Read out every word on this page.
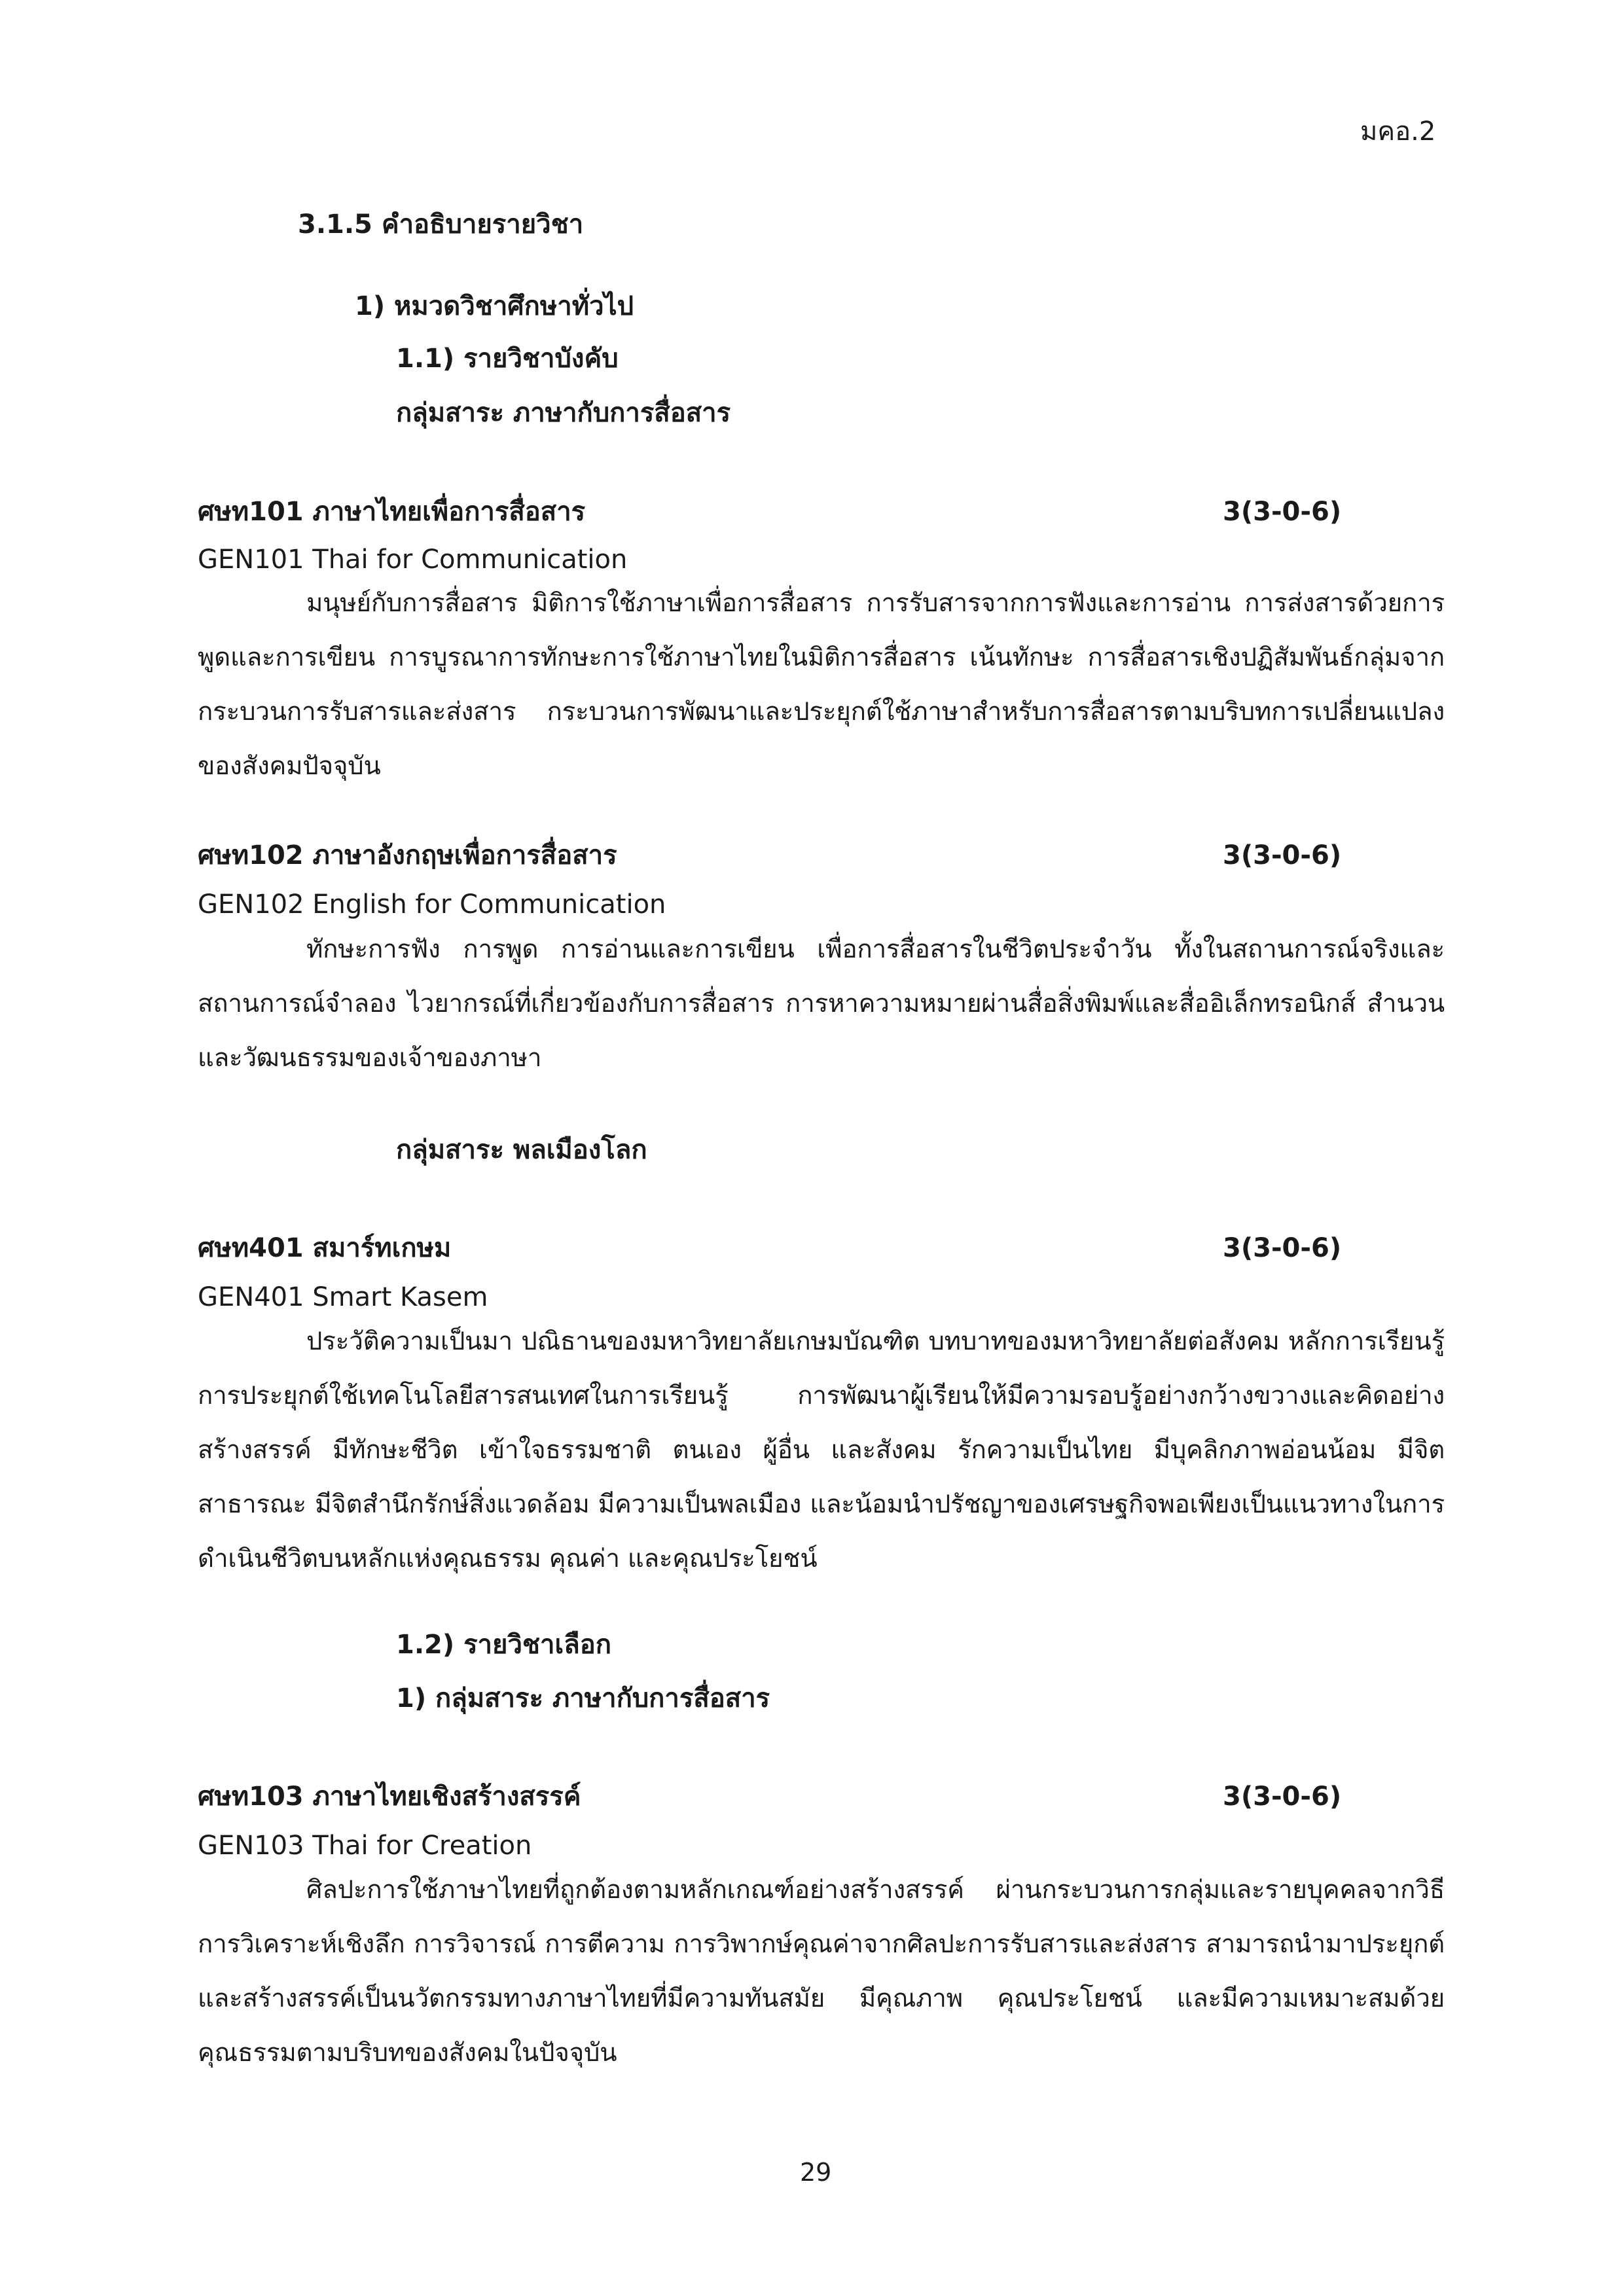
มคอ.2
3.1.5 คำอธิบายรายวิชา
1) หมวดวิชาศึกษาทั่วไป
1.1) รายวิชาบังคับ
กลุ่มสาระ ภาษากับการสื่อสาร
ศษท101 ภาษาไทยเพื่อการสื่อสาร	3(3-0-6)
GEN101 Thai for Communication
มนุษย์กับการสื่อสาร มิติการใช้ภาษาเพื่อการสื่อสาร การรับสารจากการฟังและการอ่าน การส่งสารด้วยการพูดและการเขียน การบูรณาการทักษะการใช้ภาษาไทยในมิติการสื่อสาร เน้นทักษะ การสื่อสารเชิงปฏิสัมพันธ์กลุ่มจากกระบวนการรับสารและส่งสาร กระบวนการพัฒนาและประยุกต์ใช้ภาษาสำหรับการสื่อสารตามบริบทการเปลี่ยนแปลงของสังคมปัจจุบัน
ศษท102 ภาษาอังกฤษเพื่อการสื่อสาร	3(3-0-6)
GEN102 English for Communication
ทักษะการฟัง การพูด การอ่านและการเขียน เพื่อการสื่อสารในชีวิตประจำวัน ทั้งในสถานการณ์จริงและสถานการณ์จำลอง ไวยากรณ์ที่เกี่ยวข้องกับการสื่อสาร การหาความหมายผ่านสื่อสิ่งพิมพ์และสื่ออิเล็กทรอนิกส์ สำนวนและวัฒนธรรมของเจ้าของภาษา
กลุ่มสาระ พลเมืองโลก
ศษท401 สมาร์ทเกษม	3(3-0-6)
GEN401 Smart Kasem
ประวัติความเป็นมา ปณิธานของมหาวิทยาลัยเกษมบัณฑิต บทบาทของมหาวิทยาลัยต่อสังคม หลักการเรียนรู้ การประยุกต์ใช้เทคโนโลยีสารสนเทศในการเรียนรู้ การพัฒนาผู้เรียนให้มีความรอบรู้อย่างกว้างขวางและคิดอย่างสร้างสรรค์ มีทักษะชีวิต เข้าใจธรรมชาติ ตนเอง ผู้อื่น และสังคม รักความเป็นไทย มีบุคลิกภาพอ่อนน้อม มีจิตสาธารณะ มีจิตสำนึกรักษ์สิ่งแวดล้อม มีความเป็นพลเมือง และน้อมนำปรัชญาของเศรษฐกิจพอเพียงเป็นแนวทางในการดำเนินชีวิตบนหลักแห่งคุณธรรม คุณค่า และคุณประโยชน์
1.2) รายวิชาเลือก
1) กลุ่มสาระ ภาษากับการสื่อสาร
ศษท103 ภาษาไทยเชิงสร้างสรรค์	3(3-0-6)
GEN103 Thai for Creation
ศิลปะการใช้ภาษาไทยที่ถูกต้องตามหลักเกณฑ์อย่างสร้างสรรค์ ผ่านกระบวนการกลุ่มและรายบุคคลจากวิธีการวิเคราะห์เชิงลึก การวิจารณ์ การตีความ การวิพากษ์คุณค่าจากศิลปะการรับสารและส่งสาร สามารถนำมาประยุกต์และสร้างสรรค์เป็นนวัตกรรมทางภาษาไทยที่มีความทันสมัย มีคุณภาพ คุณประโยชน์ และมีความเหมาะสมด้วยคุณธรรมตามบริบทของสังคมในปัจจุบัน
29
